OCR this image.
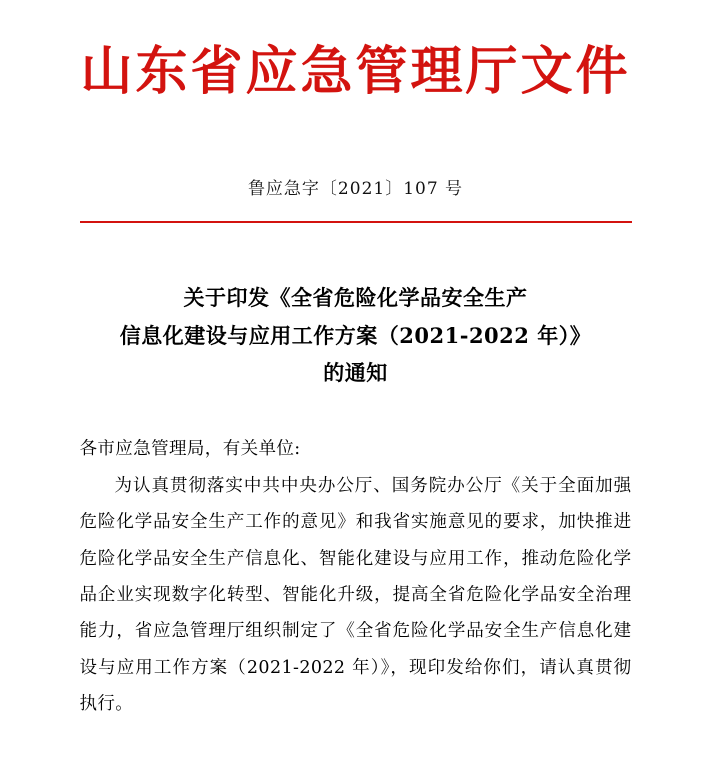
山东省应急管理厅文件
鲁应急字〔2021〕107 号
关于印发《全省危险化学品安全生产
信息化建设与应用工作方案（2021-2022 年）》
的通知

各市应急管理局，有关单位:

为认真贯彻落实中共中央办公厅、国务院办公厅《关于全面加强危险化学品安全生产工作的意见》和我省实施意见的要求，加快推进危险化学品安全生产信息化、智能化建设与应用工作，推动危险化学品企业实现数字化转型、智能化升级，提高全省危险化学品安全治理能力，省应急管理厅组织制定了《全省危险化学品安全生产信息化建设与应用工作方案（2021-2022 年）》，现印发给你们，请认真贯彻执行。
